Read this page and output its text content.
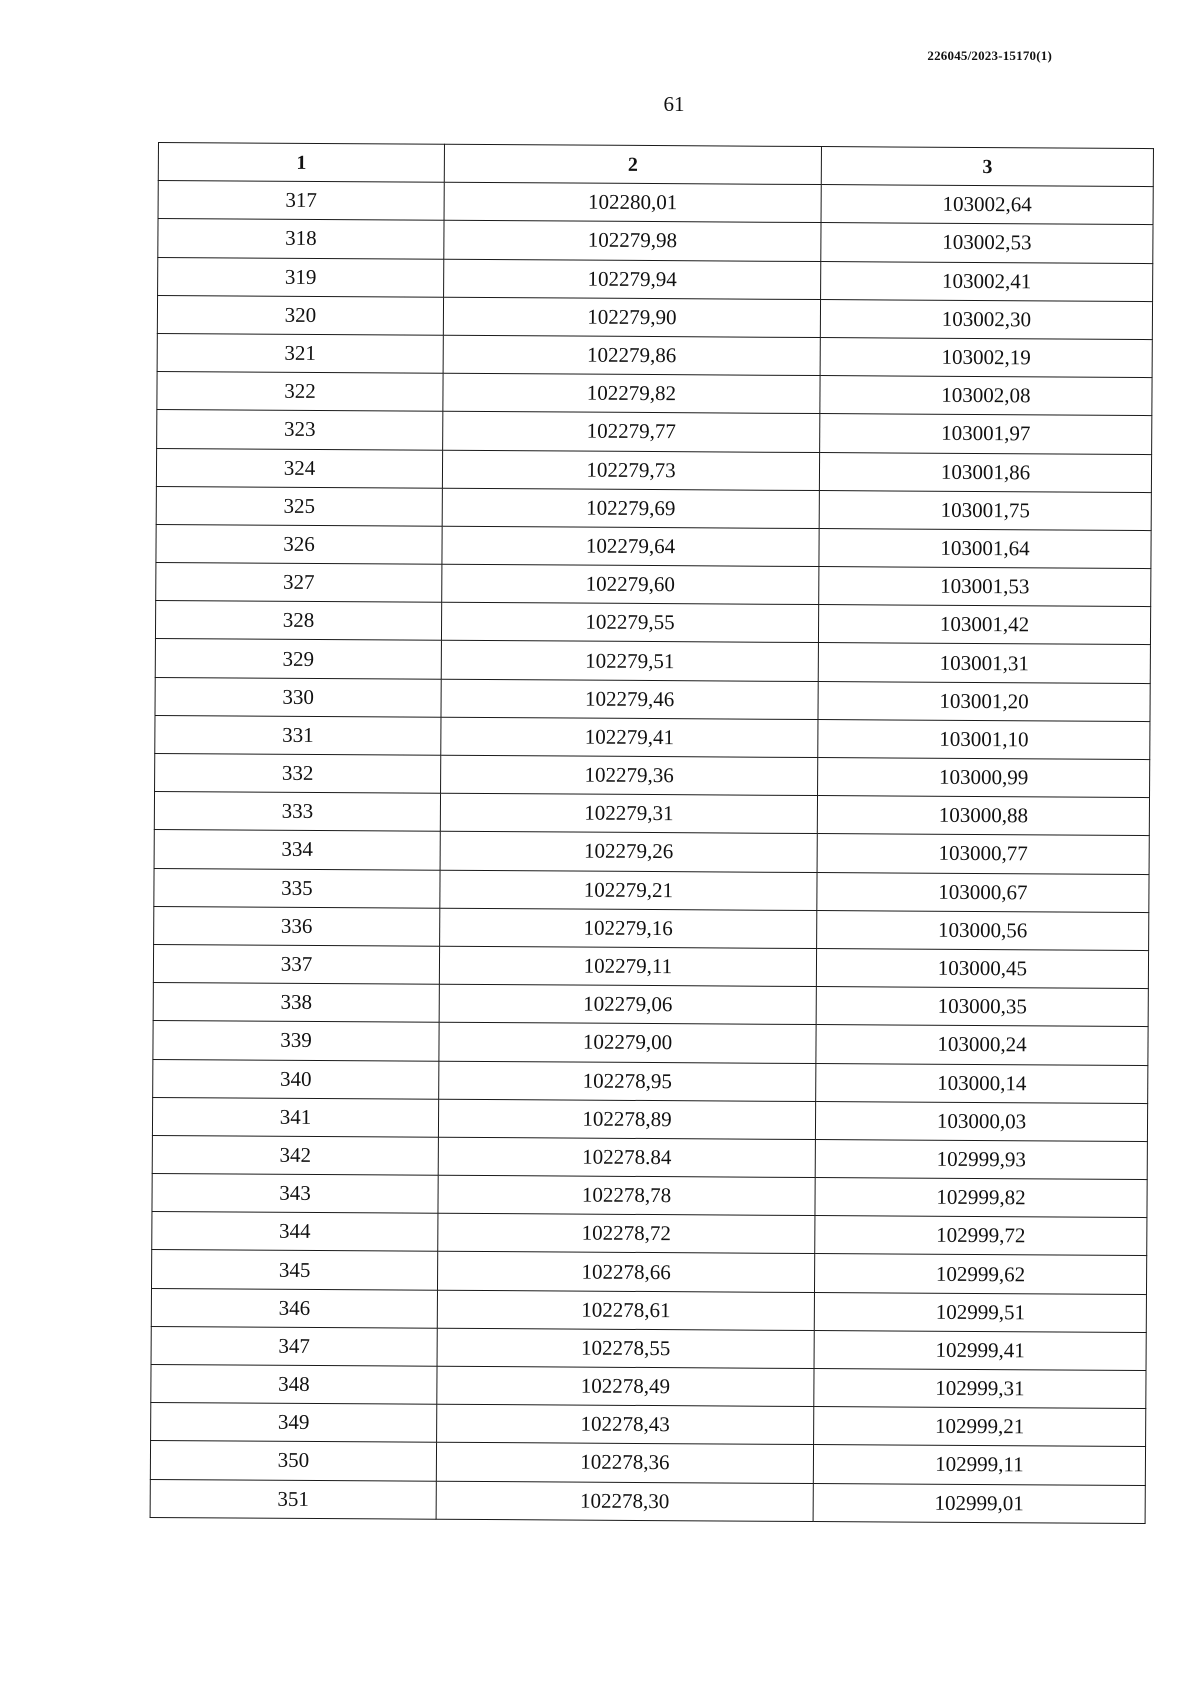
226045/2023-15170(1)
61
1	2	3
317	102280,01	103002,64
318	102279,98	103002,53
319	102279,94	103002,41
320	102279,90	103002,30
321	102279,86	103002,19
322	102279,82	103002,08
323	102279,77	103001,97
324	102279,73	103001,86
325	102279,69	103001,75
326	102279,64	103001,64
327	102279,60	103001,53
328	102279,55	103001,42
329	102279,51	103001,31
330	102279,46	103001,20
331	102279,41	103001,10
332	102279,36	103000,99
333	102279,31	103000,88
334	102279,26	103000,77
335	102279,21	103000,67
336	102279,16	103000,56
337	102279,11	103000,45
338	102279,06	103000,35
339	102279,00	103000,24
340	102278,95	103000,14
341	102278,89	103000,03
342	102278.84	102999,93
343	102278,78	102999,82
344	102278,72	102999,72
345	102278,66	102999,62
346	102278,61	102999,51
347	102278,55	102999,41
348	102278,49	102999,31
349	102278,43	102999,21
350	102278,36	102999,11
351	102278,30	102999,01
